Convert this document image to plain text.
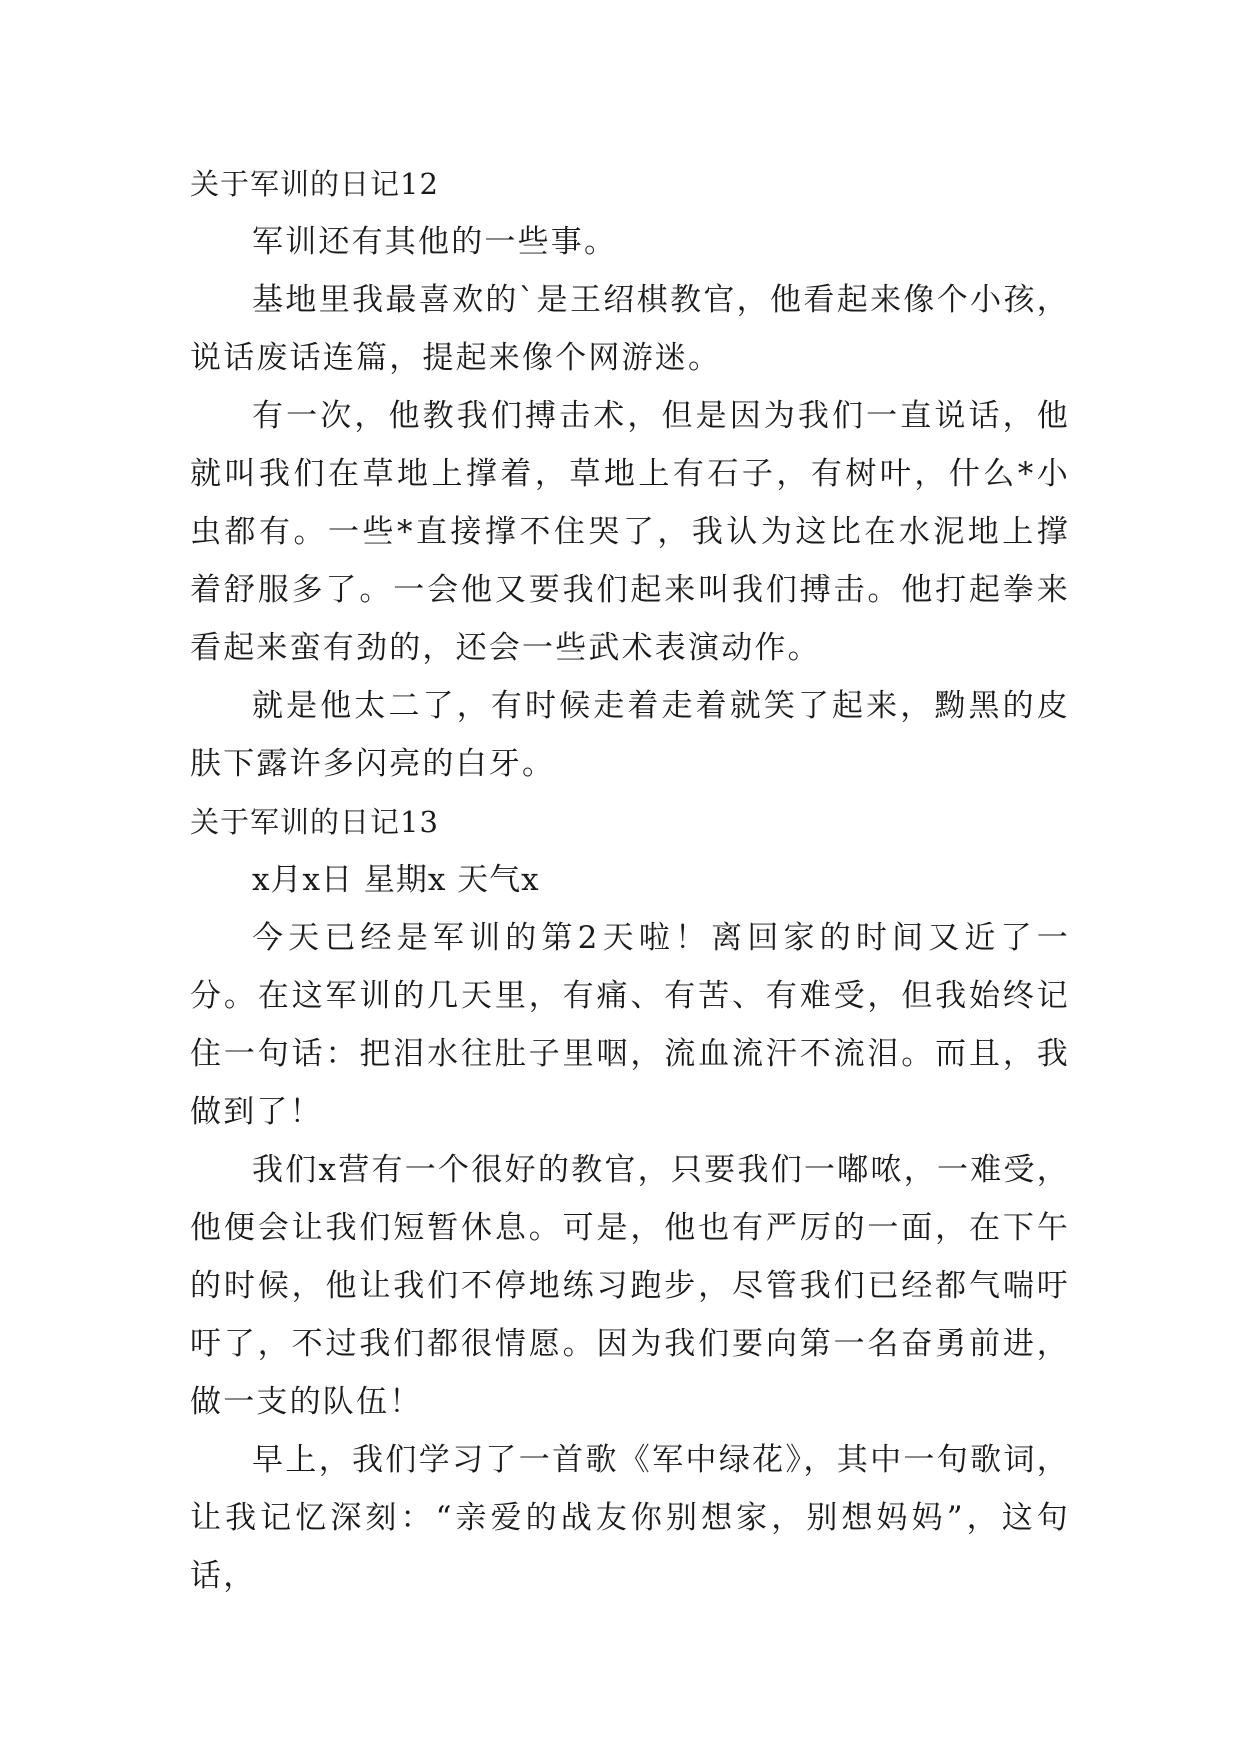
关于军训的日记12

军训还有其他的一些事。

基地里我最喜欢的`是王绍棋教官，他看起来像个小孩，说话废话连篇，提起来像个网游迷。

有一次，他教我们搏击术，但是因为我们一直说话，他就叫我们在草地上撑着，草地上有石子，有树叶，什么*小虫都有。一些*直接撑不住哭了，我认为这比在水泥地上撑着舒服多了。一会他又要我们起来叫我们搏击。他打起拳来看起来蛮有劲的，还会一些武术表演动作。

就是他太二了，有时候走着走着就笑了起来，黝黑的皮肤下露许多闪亮的白牙。

关于军训的日记13

x月x日 星期x 天气x

今天已经是军训的第2天啦！离回家的时间又近了一分。在这军训的几天里，有痛、有苦、有难受，但我始终记住一句话：把泪水往肚子里咽，流血流汗不流泪。而且，我做到了！

我们x营有一个很好的教官，只要我们一嘟哝，一难受，他便会让我们短暂休息。可是，他也有严厉的一面，在下午的时候，他让我们不停地练习跑步，尽管我们已经都气喘吁吁了，不过我们都很情愿。因为我们要向第一名奋勇前进，做一支的队伍！

早上，我们学习了一首歌《军中绿花》，其中一句歌词，让我记忆深刻：“亲爱的战友你别想家，别想妈妈”，这句话，
